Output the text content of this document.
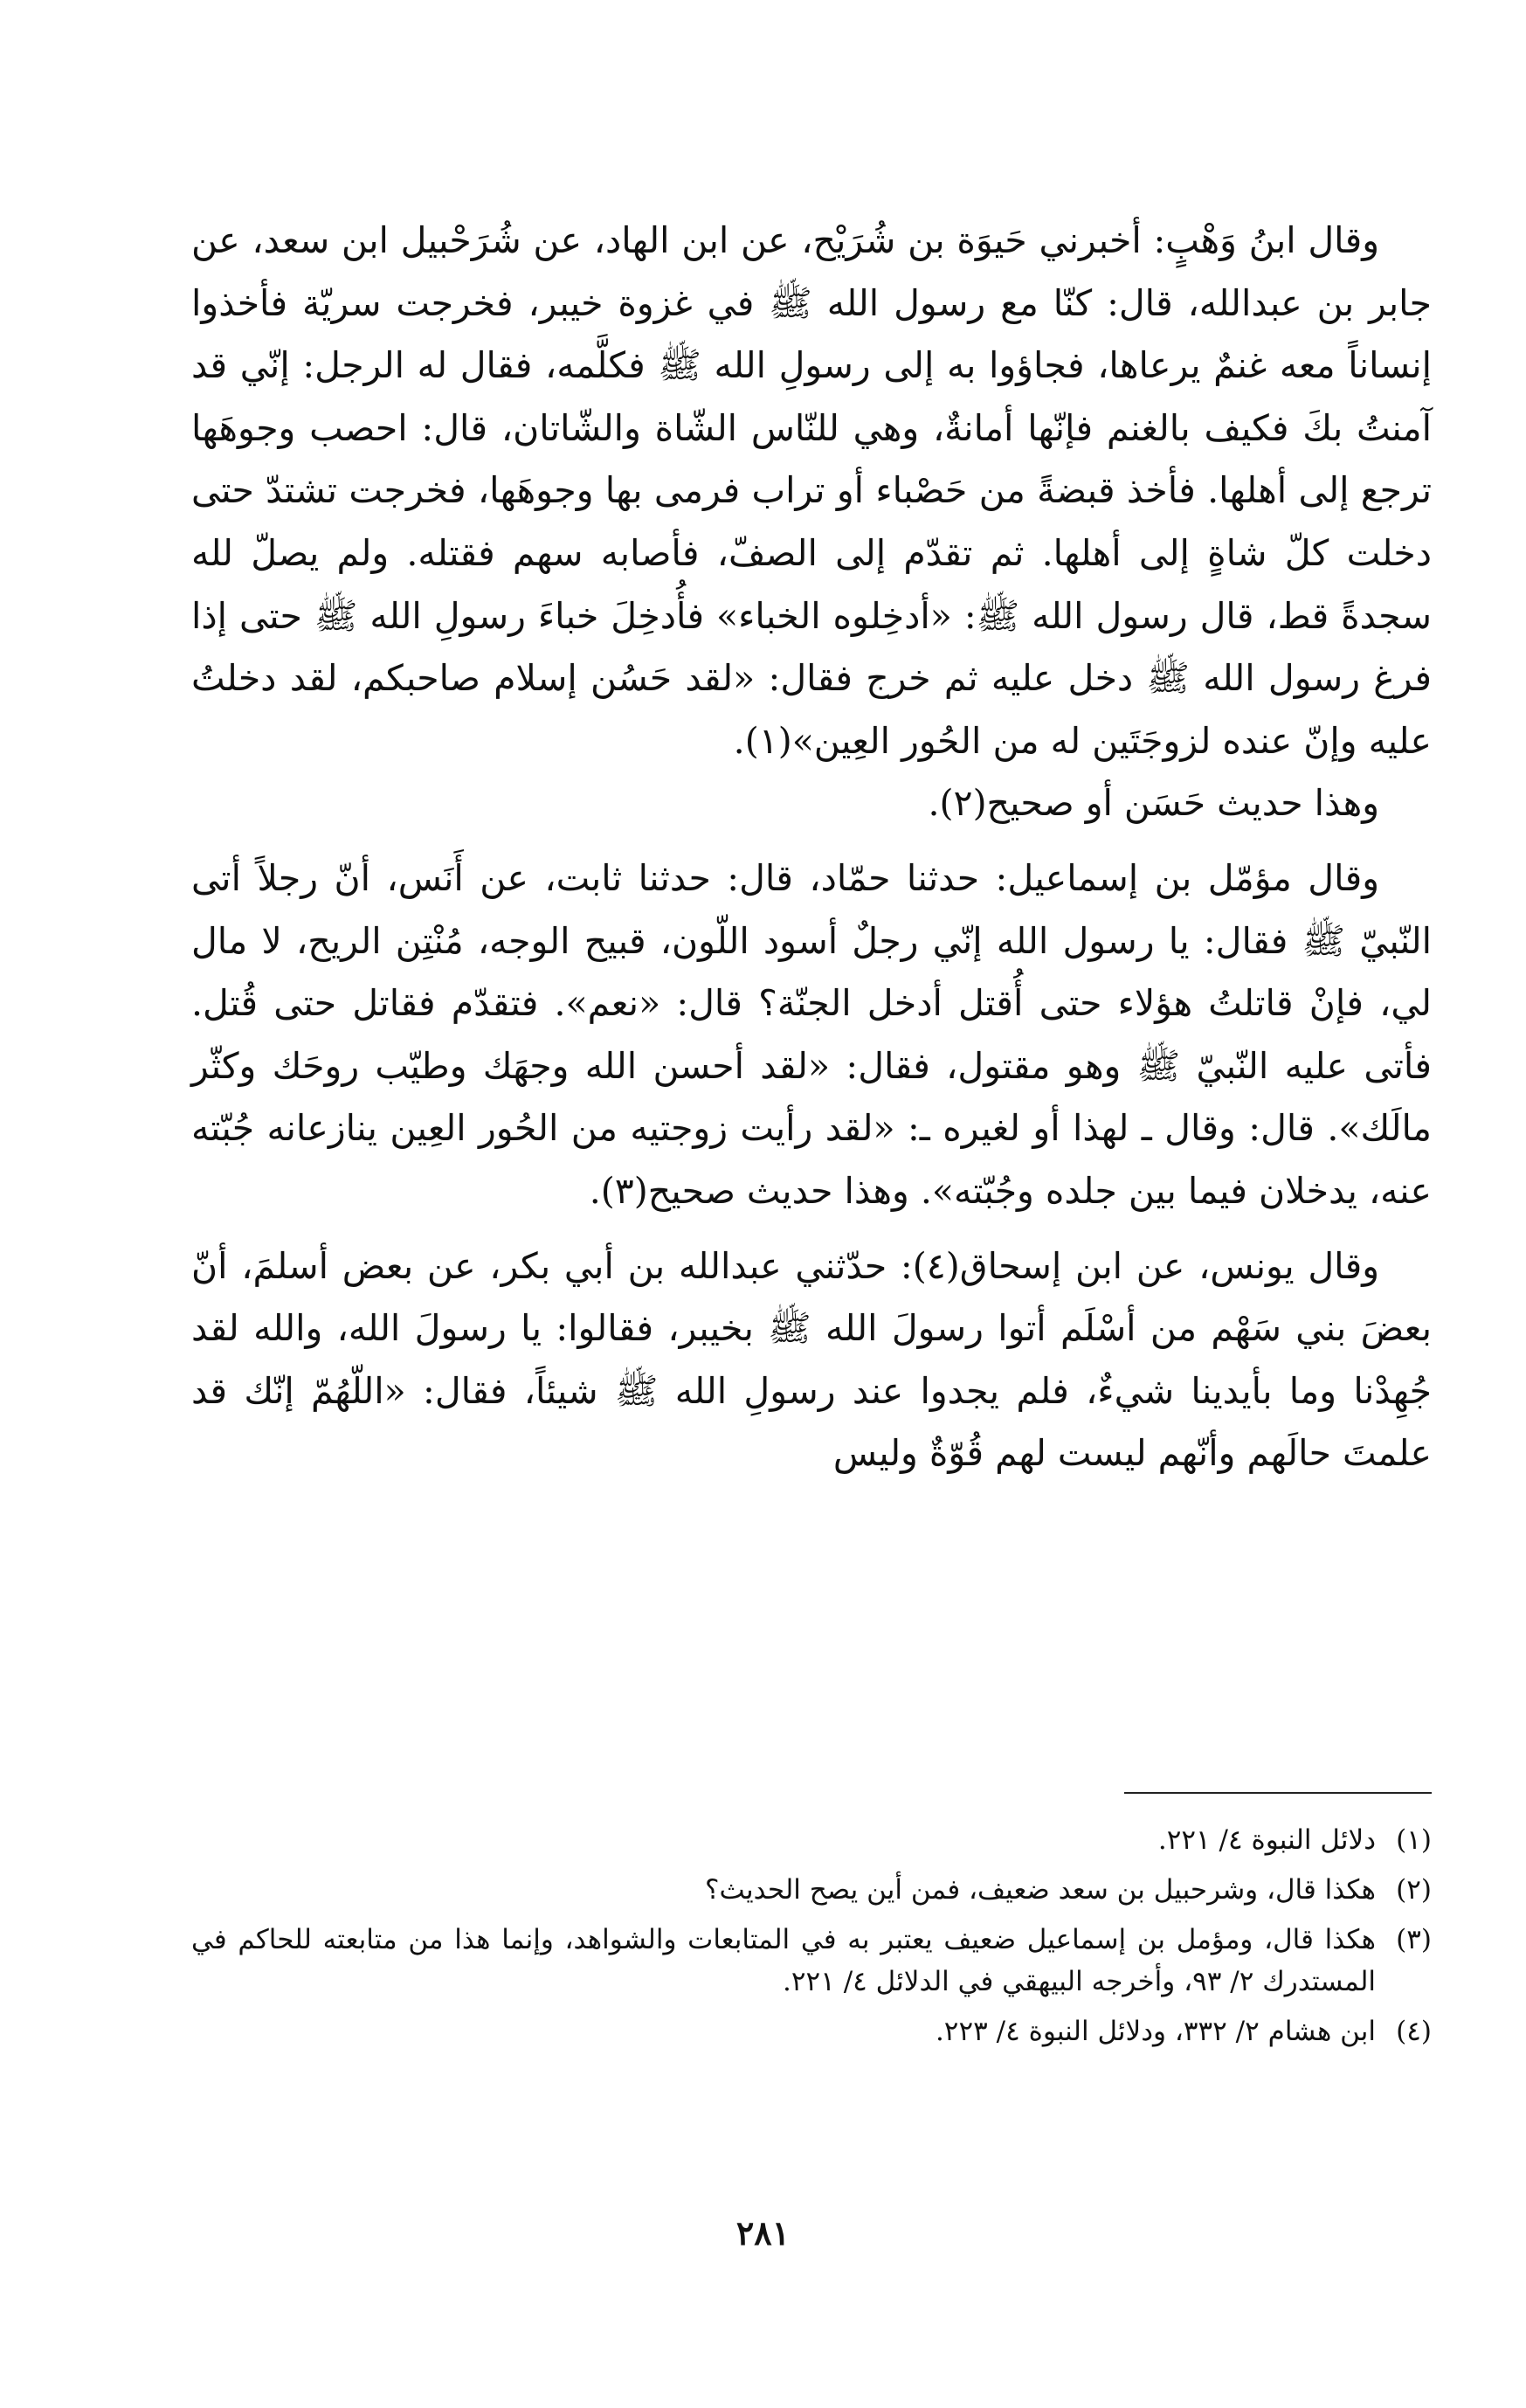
وقال ابنُ وَهْبٍ: أخبرني حَيوَة بن شُرَيْح، عن ابن الهاد، عن شُرَحْبيل ابن سعد، عن جابر بن عبدالله، قال: كنّا مع رسول الله ﷺ في غزوة خيبر، فخرجت سريّة فأخذوا إنساناً معه غنمٌ يرعاها، فجاؤوا به إلى رسولِ الله ﷺ فكلَّمه، فقال له الرجل: إنّي قد آمنتُ بكَ فكيف بالغنم فإنّها أمانةٌ، وهي للنّاس الشّاة والشّاتان، قال: احصب وجوهَها ترجع إلى أهلها. فأخذ قبضةً من حَصْباء أو تراب فرمى بها وجوهَها، فخرجت تشتدّ حتى دخلت كلّ شاةٍ إلى أهلها. ثم تقدّم إلى الصفّ، فأصابه سهم فقتله. ولم يصلّ لله سجدةً قط، قال رسول الله ﷺ: «أدخِلوه الخباء» فأُدخِلَ خباءَ رسولِ الله ﷺ حتى إذا فرغ رسول الله ﷺ دخل عليه ثم خرج فقال: «لقد حَسُن إسلام صاحبكم، لقد دخلتُ عليه وإنّ عنده لزوجَتَين له من الحُور العِين»(١).

وهذا حديث حَسَن أو صحيح(٢).

وقال مؤمّل بن إسماعيل: حدثنا حمّاد، قال: حدثنا ثابت، عن أَنَس، أنّ رجلاً أتى النّبيّ ﷺ فقال: يا رسول الله إنّي رجلٌ أسود اللّون، قبيح الوجه، مُنْتِن الريح، لا مال لي، فإنْ قاتلتُ هؤلاء حتى أُقتل أدخل الجنّة؟ قال: «نعم». فتقدّم فقاتل حتى قُتل. فأتى عليه النّبيّ ﷺ وهو مقتول، فقال: «لقد أحسن الله وجهَك وطيّب روحَك وكثّر مالَك». قال: وقال ـ لهذا أو لغيره ـ: «لقد رأيت زوجتيه من الحُور العِين ينازعانه جُبّته عنه، يدخلان فيما بين جلده وجُبّته». وهذا حديث صحيح(٣).

وقال يونس، عن ابن إسحاق(٤): حدّثني عبدالله بن أبي بكر، عن بعض أسلمَ، أنّ بعضَ بني سَهْم من أسْلَم أتوا رسولَ الله ﷺ بخيبر، فقالوا: يا رسولَ الله، والله لقد جُهِدْنا وما بأيدينا شيءٌ، فلم يجدوا عند رسولِ الله ﷺ شيئاً، فقال: «اللّهُمّ إنّك قد علمتَ حالَهم وأنّهم ليست لهم قُوّةٌ وليس

(١)
دلائل النبوة ٤/ ٢٢١.
(٢)
هكذا قال، وشرحبيل بن سعد ضعيف، فمن أين يصح الحديث؟
(٣)
هكذا قال، ومؤمل بن إسماعيل ضعيف يعتبر به في المتابعات والشواهد، وإنما هذا من متابعته للحاكم في المستدرك ٢/ ٩٣، وأخرجه البيهقي في الدلائل ٤/ ٢٢١.
(٤)
ابن هشام ٢/ ٣٣٢، ودلائل النبوة ٤/ ٢٢٣.
٢٨١
